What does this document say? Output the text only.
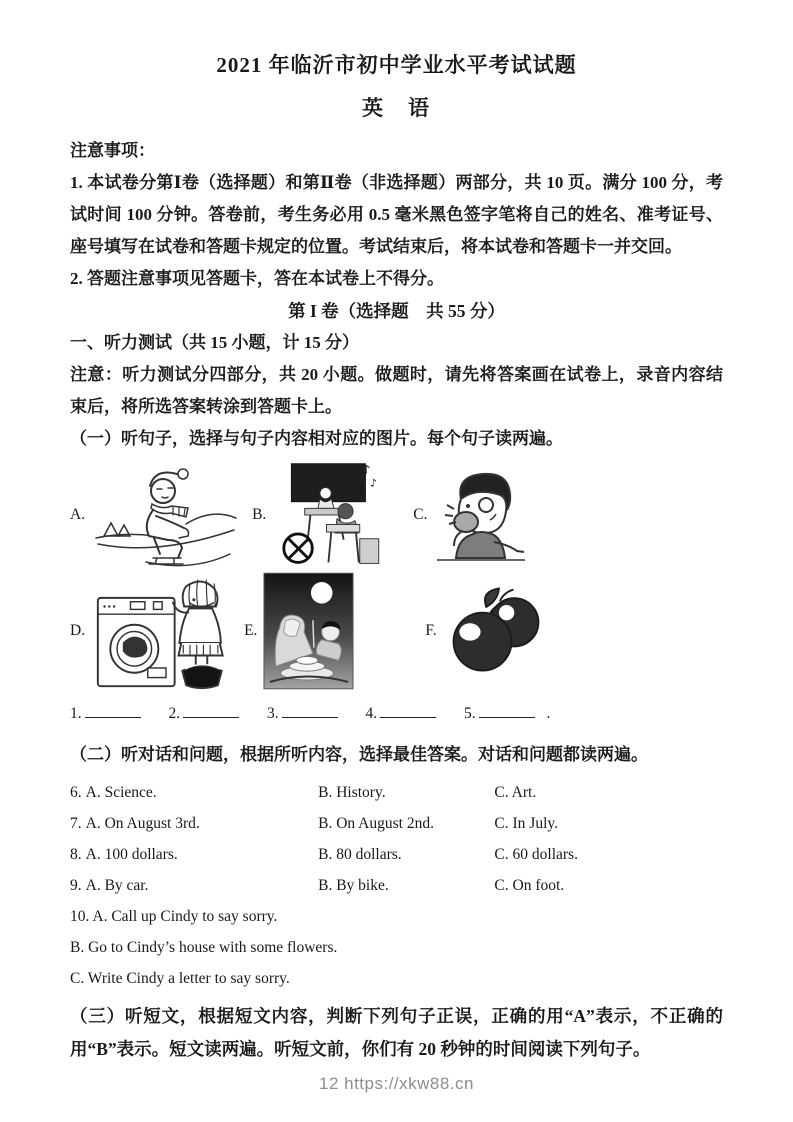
2021 年临沂市初中学业水平考试试题
英　语
注意事项：
1. 本试卷分第Ⅰ卷（选择题）和第Ⅱ卷（非选择题）两部分，共 10 页。满分 100 分，考试时间 100 分钟。答卷前，考生务必用 0.5 毫米黑色签字笔将自己的姓名、准考证号、座号填写在试卷和答题卡规定的位置。考试结束后，将本试卷和答题卡一并交回。
2. 答题注意事项见答题卡，答在本试卷上不得分。
第 I 卷（选择题　共 55 分）
一、听力测试（共 15 小题，计 15 分）
注意：听力测试分四部分，共 20 小题。做题时，请先将答案画在试卷上，录音内容结束后，将所选答案转涂到答题卡上。
（一）听句子，选择与句子内容相对应的图片。每个句子读两遍。
A.	B.
♪
♪
♪
C.
D.	E.	F.
1.	2.	3.	4.	5.	.
（二）听对话和问题，根据所听内容，选择最佳答案。对话和问题都读两遍。
6. A. Science.	B. History.	C. Art.
7. A. On August 3rd.	B. On August 2nd.	C. In July.
8. A. 100 dollars.	B. 80 dollars.	C. 60 dollars.
9. A. By car.	B. By bike.	C. On foot.
10. A. Call up Cindy to say sorry.
B. Go to Cindy’s house with some flowers.
C. Write Cindy a letter to say sorry.
（三）听短文，根据短文内容，判断下列句子正误，正确的用“A”表示，不正确的用“B”表示。短文读两遍。听短文前，你们有 20 秒钟的时间阅读下列句子。
12 https://xkw88.cn
